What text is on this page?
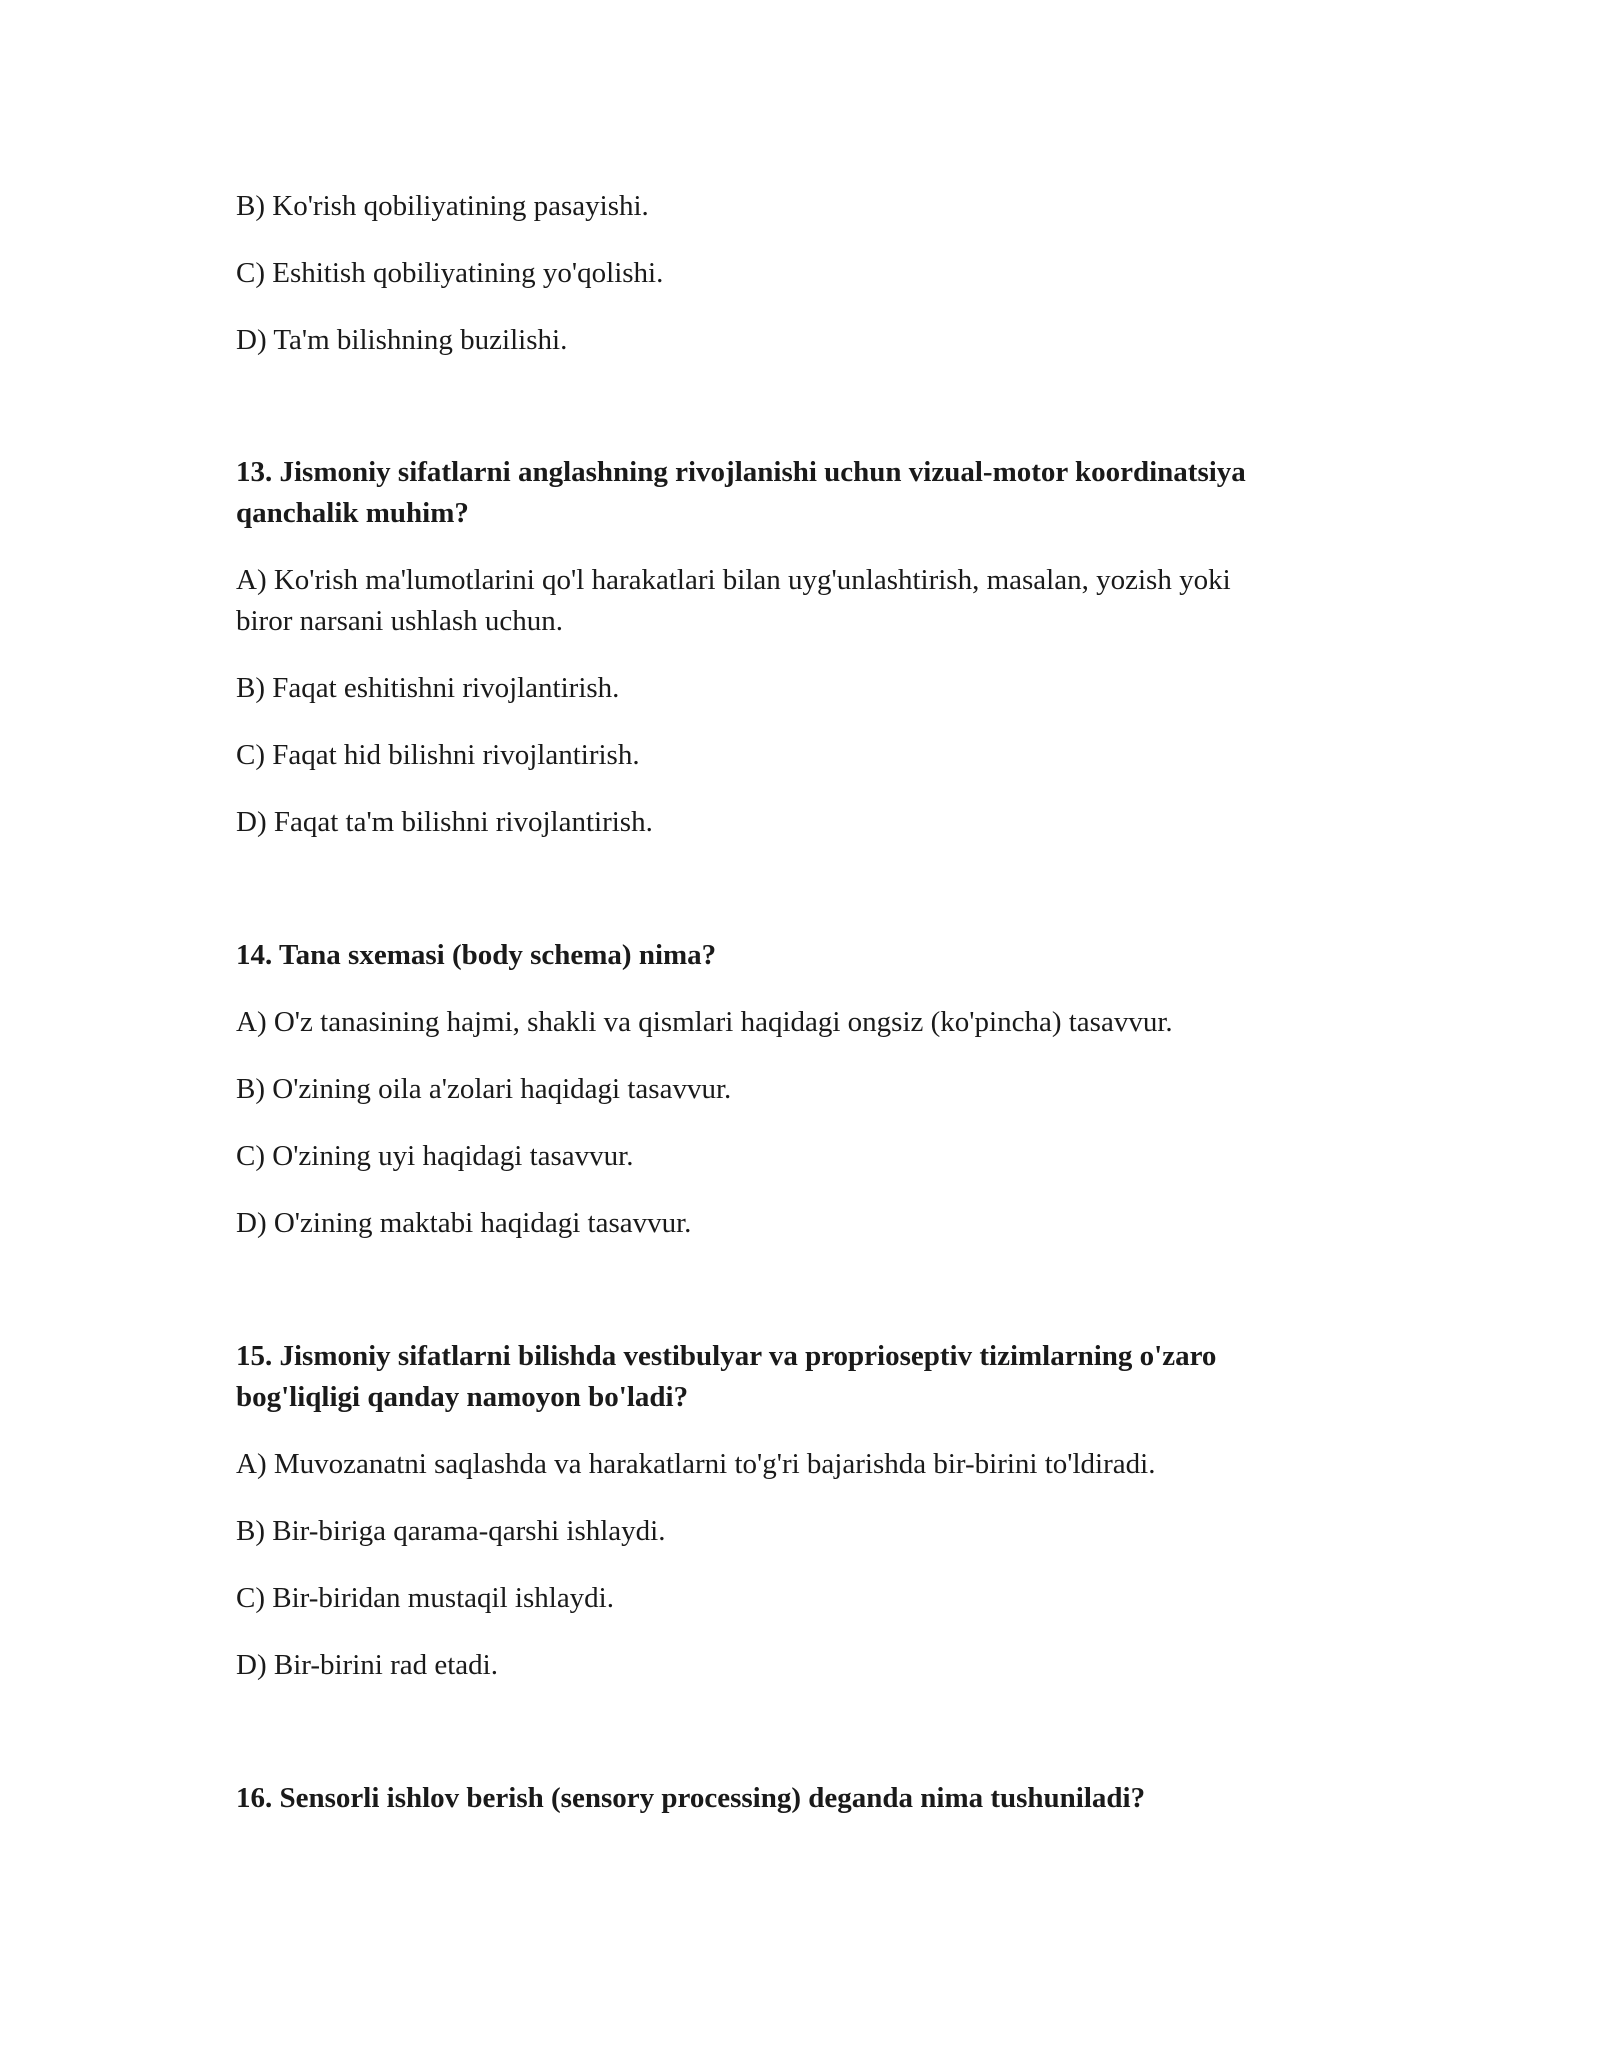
B) Ko'rish qobiliyatining pasayishi.
C) Eshitish qobiliyatining yo'qolishi.
D) Ta'm bilishning buzilishi.
13. Jismoniy sifatlarni anglashning rivojlanishi uchun vizual-motor koordinatsiya
qanchalik muhim?
A) Ko'rish ma'lumotlarini qo'l harakatlari bilan uyg'unlashtirish, masalan, yozish yoki
biror narsani ushlash uchun.
B) Faqat eshitishni rivojlantirish.
C) Faqat hid bilishni rivojlantirish.
D) Faqat ta'm bilishni rivojlantirish.
14. Tana sxemasi (body schema) nima?
A) O'z tanasining hajmi, shakli va qismlari haqidagi ongsiz (ko'pincha) tasavvur.
B) O'zining oila a'zolari haqidagi tasavvur.
C) O'zining uyi haqidagi tasavvur.
D) O'zining maktabi haqidagi tasavvur.
15. Jismoniy sifatlarni bilishda vestibulyar va proprioseptiv tizimlarning o'zaro
bog'liqligi qanday namoyon bo'ladi?
A) Muvozanatni saqlashda va harakatlarni to'g'ri bajarishda bir-birini to'ldiradi.
B) Bir-biriga qarama-qarshi ishlaydi.
C) Bir-biridan mustaqil ishlaydi.
D) Bir-birini rad etadi.
16. Sensorli ishlov berish (sensory processing) deganda nima tushuniladi?
